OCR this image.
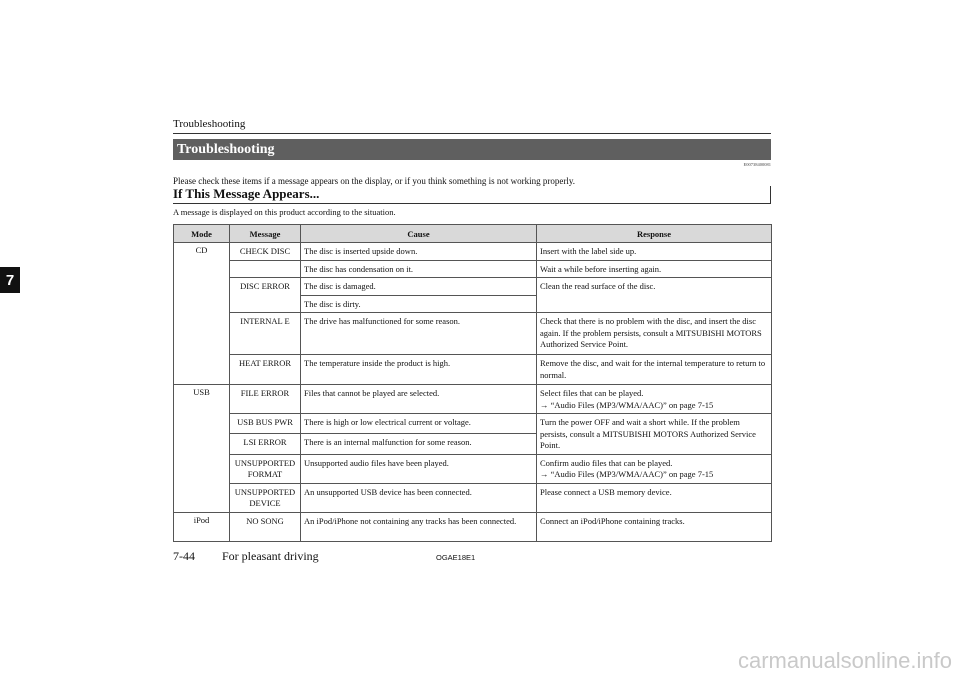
Troubleshooting
7
Troubleshooting
E00738400081
Please check these items if a message appears on the display, or if you think something is not working properly.
If This Message Appears...
A message is displayed on this product according to the situation.
Mode	Message	Cause	Response
CD	CHECK DISC	The disc is inserted upside down.	Insert with the label side up.
		The disc has condensation on it.	Wait a while before inserting again.
	DISC ERROR	The disc is damaged.	Clean the read surface of the disc.
		The disc is dirty.	
	INTERNAL E	The drive has malfunctioned for some reason.	Check that there is no problem with the disc, and insert the disc again. If the problem persists, consult a MITSUBISHI MOTORS Authorized Service Point.
	HEAT ERROR	The temperature inside the product is high.	Remove the disc, and wait for the internal temperature to return to normal.
USB	FILE ERROR	Files that cannot be played are selected.	Select files that can be played.
→ “Audio Files (MP3/WMA/AAC)” on page 7-15
	USB BUS PWR	There is high or low electrical current or voltage.	Turn the power OFF and wait a short while. If the problem persists, consult a MITSUBISHI MOTORS Authorized Service Point.
	LSI ERROR	There is an internal malfunction for some reason.	
	UNSUPPORTED FORMAT	Unsupported audio files have been played.	Confirm audio files that can be played.
→ “Audio Files (MP3/WMA/AAC)” on page 7-15
	UNSUPPORTED DEVICE	An unsupported USB device has been connected.	Please connect a USB memory device.
iPod	NO SONG	An iPod/iPhone not containing any tracks has been connected.	Connect an iPod/iPhone containing tracks.
7-44 For pleasant driving	OGAE18E1
carmanualsonline.info
